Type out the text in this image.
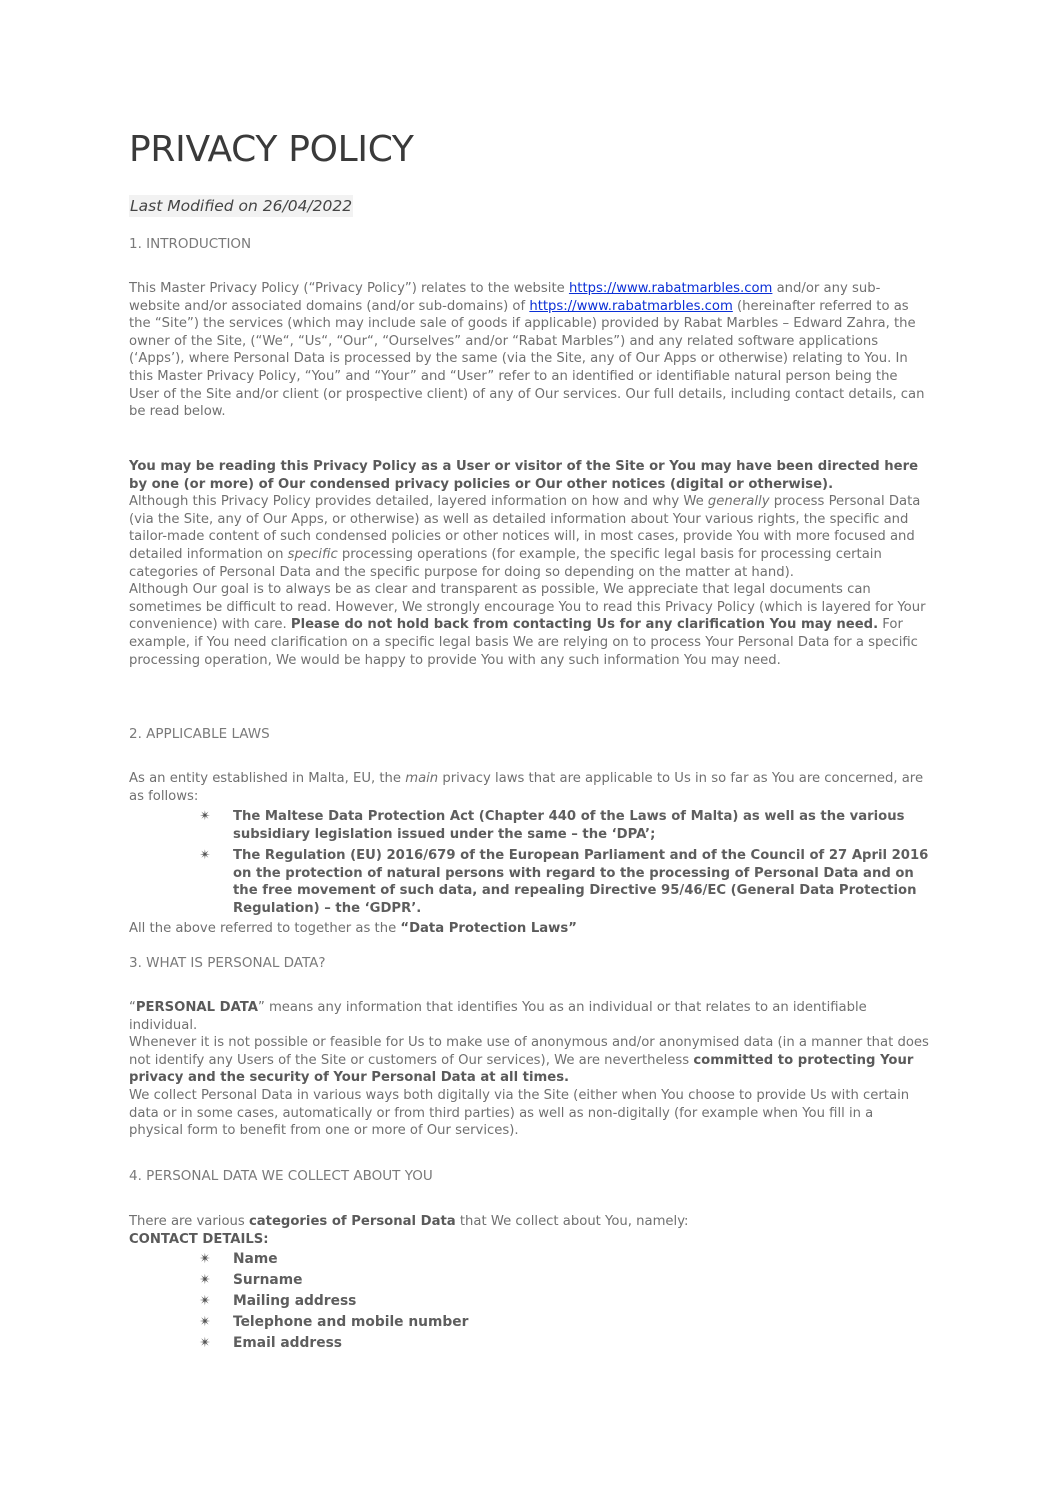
PRIVACY POLICY
Last Modified on 26/04/2022
1. INTRODUCTION

This Master Privacy Policy (“Privacy Policy”) relates to the website https://www.rabatmarbles.com and/or any sub-website and/or associated domains (and/or sub-domains) of https://www.rabatmarbles.com (hereinafter referred to as the “Site”) the services (which may include sale of goods if applicable) provided by Rabat Marbles – Edward Zahra, the owner of the Site, (“We“, “Us“, “Our“, “Ourselves” and/or “Rabat Marbles”) and any related software applications (‘Apps’), where Personal Data is processed by the same (via the Site, any of Our Apps or otherwise) relating to You. In this Master Privacy Policy, “You” and “Your” and “User” refer to an identified or identifiable natural person being the User of the Site and/or client (or prospective client) of any of Our services. Our full details, including contact details, can be read below.

You may be reading this Privacy Policy as a User or visitor of the Site or You may have been directed here by one (or more) of Our condensed privacy policies or Our other notices (digital or otherwise).
Although this Privacy Policy provides detailed, layered information on how and why We generally process Personal Data (via the Site, any of Our Apps, or otherwise) as well as detailed information about Your various rights, the specific and tailor-made content of such condensed policies or other notices will, in most cases, provide You with more focused and detailed information on specific processing operations (for example, the specific legal basis for processing certain categories of Personal Data and the specific purpose for doing so depending on the matter at hand).
Although Our goal is to always be as clear and transparent as possible, We appreciate that legal documents can sometimes be difficult to read. However, We strongly encourage You to read this Privacy Policy (which is layered for Your convenience) with care. Please do not hold back from contacting Us for any clarification You may need. For example, if You need clarification on a specific legal basis We are relying on to process Your Personal Data for a specific processing operation, We would be happy to provide You with any such information You may need.

2. APPLICABLE LAWS

As an entity established in Malta, EU, the main privacy laws that are applicable to Us in so far as You are concerned, are as follows:

✴ The Maltese Data Protection Act (Chapter 440 of the Laws of Malta) as well as the various subsidiary legislation issued under the same – the ‘DPA’;
✴ The Regulation (EU) 2016/679 of the European Parliament and of the Council of 27 April 2016 on the protection of natural persons with regard to the processing of Personal Data and on the free movement of such data, and repealing Directive 95/46/EC (General Data Protection Regulation) – the ‘GDPR’.

All the above referred to together as the “Data Protection Laws”

3. WHAT IS PERSONAL DATA?

“PERSONAL DATA” means any information that identifies You as an individual or that relates to an identifiable individual.
Whenever it is not possible or feasible for Us to make use of anonymous and/or anonymised data (in a manner that does not identify any Users of the Site or customers of Our services), We are nevertheless committed to protecting Your privacy and the security of Your Personal Data at all times.
We collect Personal Data in various ways both digitally via the Site (either when You choose to provide Us with certain data or in some cases, automatically or from third parties) as well as non-digitally (for example when You fill in a physical form to benefit from one or more of Our services).

4. PERSONAL DATA WE COLLECT ABOUT YOU

There are various categories of Personal Data that We collect about You, namely:
CONTACT DETAILS:

✴ Name
✴ Surname
✴ Mailing address
✴ Telephone and mobile number
✴ Email address
